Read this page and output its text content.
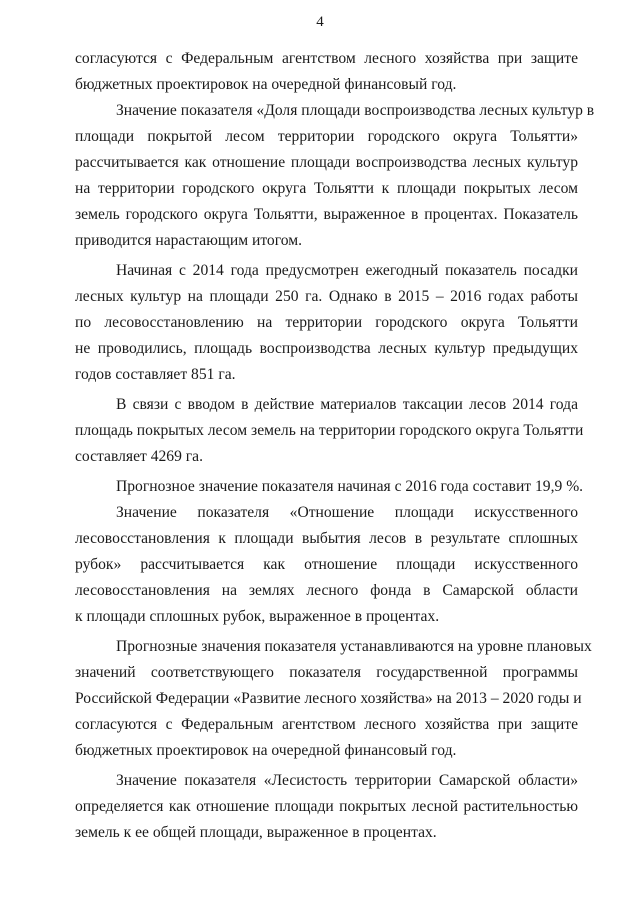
4
согласуются с Федеральным агентством лесного хозяйства при защите
бюджетных проектировок на очередной финансовый год.
Значение показателя «Доля площади воспроизводства лесных культур в
площади покрытой лесом территории городского округа Тольятти»
рассчитывается как отношение площади воспроизводства лесных культур
на территории городского округа Тольятти к площади покрытых лесом
земель городского округа Тольятти, выраженное в процентах. Показатель
приводится нарастающим итогом.
Начиная с 2014 года предусмотрен ежегодный показатель посадки
лесных культур на площади 250 га. Однако в 2015 – 2016 годах работы
по лесовосстановлению на территории городского округа Тольятти
не проводились, площадь воспроизводства лесных культур предыдущих
годов составляет 851 га.
В связи с вводом в действие материалов таксации лесов 2014 года
площадь покрытых лесом земель на территории городского округа Тольятти
составляет 4269 га.
Прогнозное значение показателя начиная с 2016 года составит 19,9 %.
Значение показателя «Отношение площади искусственного
лесовосстановления к площади выбытия лесов в результате сплошных
рубок» рассчитывается как отношение площади искусственного
лесовосстановления на землях лесного фонда в Самарской области
к площади сплошных рубок, выраженное в процентах.
Прогнозные значения показателя устанавливаются на уровне плановых
значений соответствующего показателя государственной программы
Российской Федерации «Развитие лесного хозяйства» на 2013 – 2020 годы и
согласуются с Федеральным агентством лесного хозяйства при защите
бюджетных проектировок на очередной финансовый год.
Значение показателя «Лесистость территории Самарской области»
определяется как отношение площади покрытых лесной растительностью
земель к ее общей площади, выраженное в процентах.
